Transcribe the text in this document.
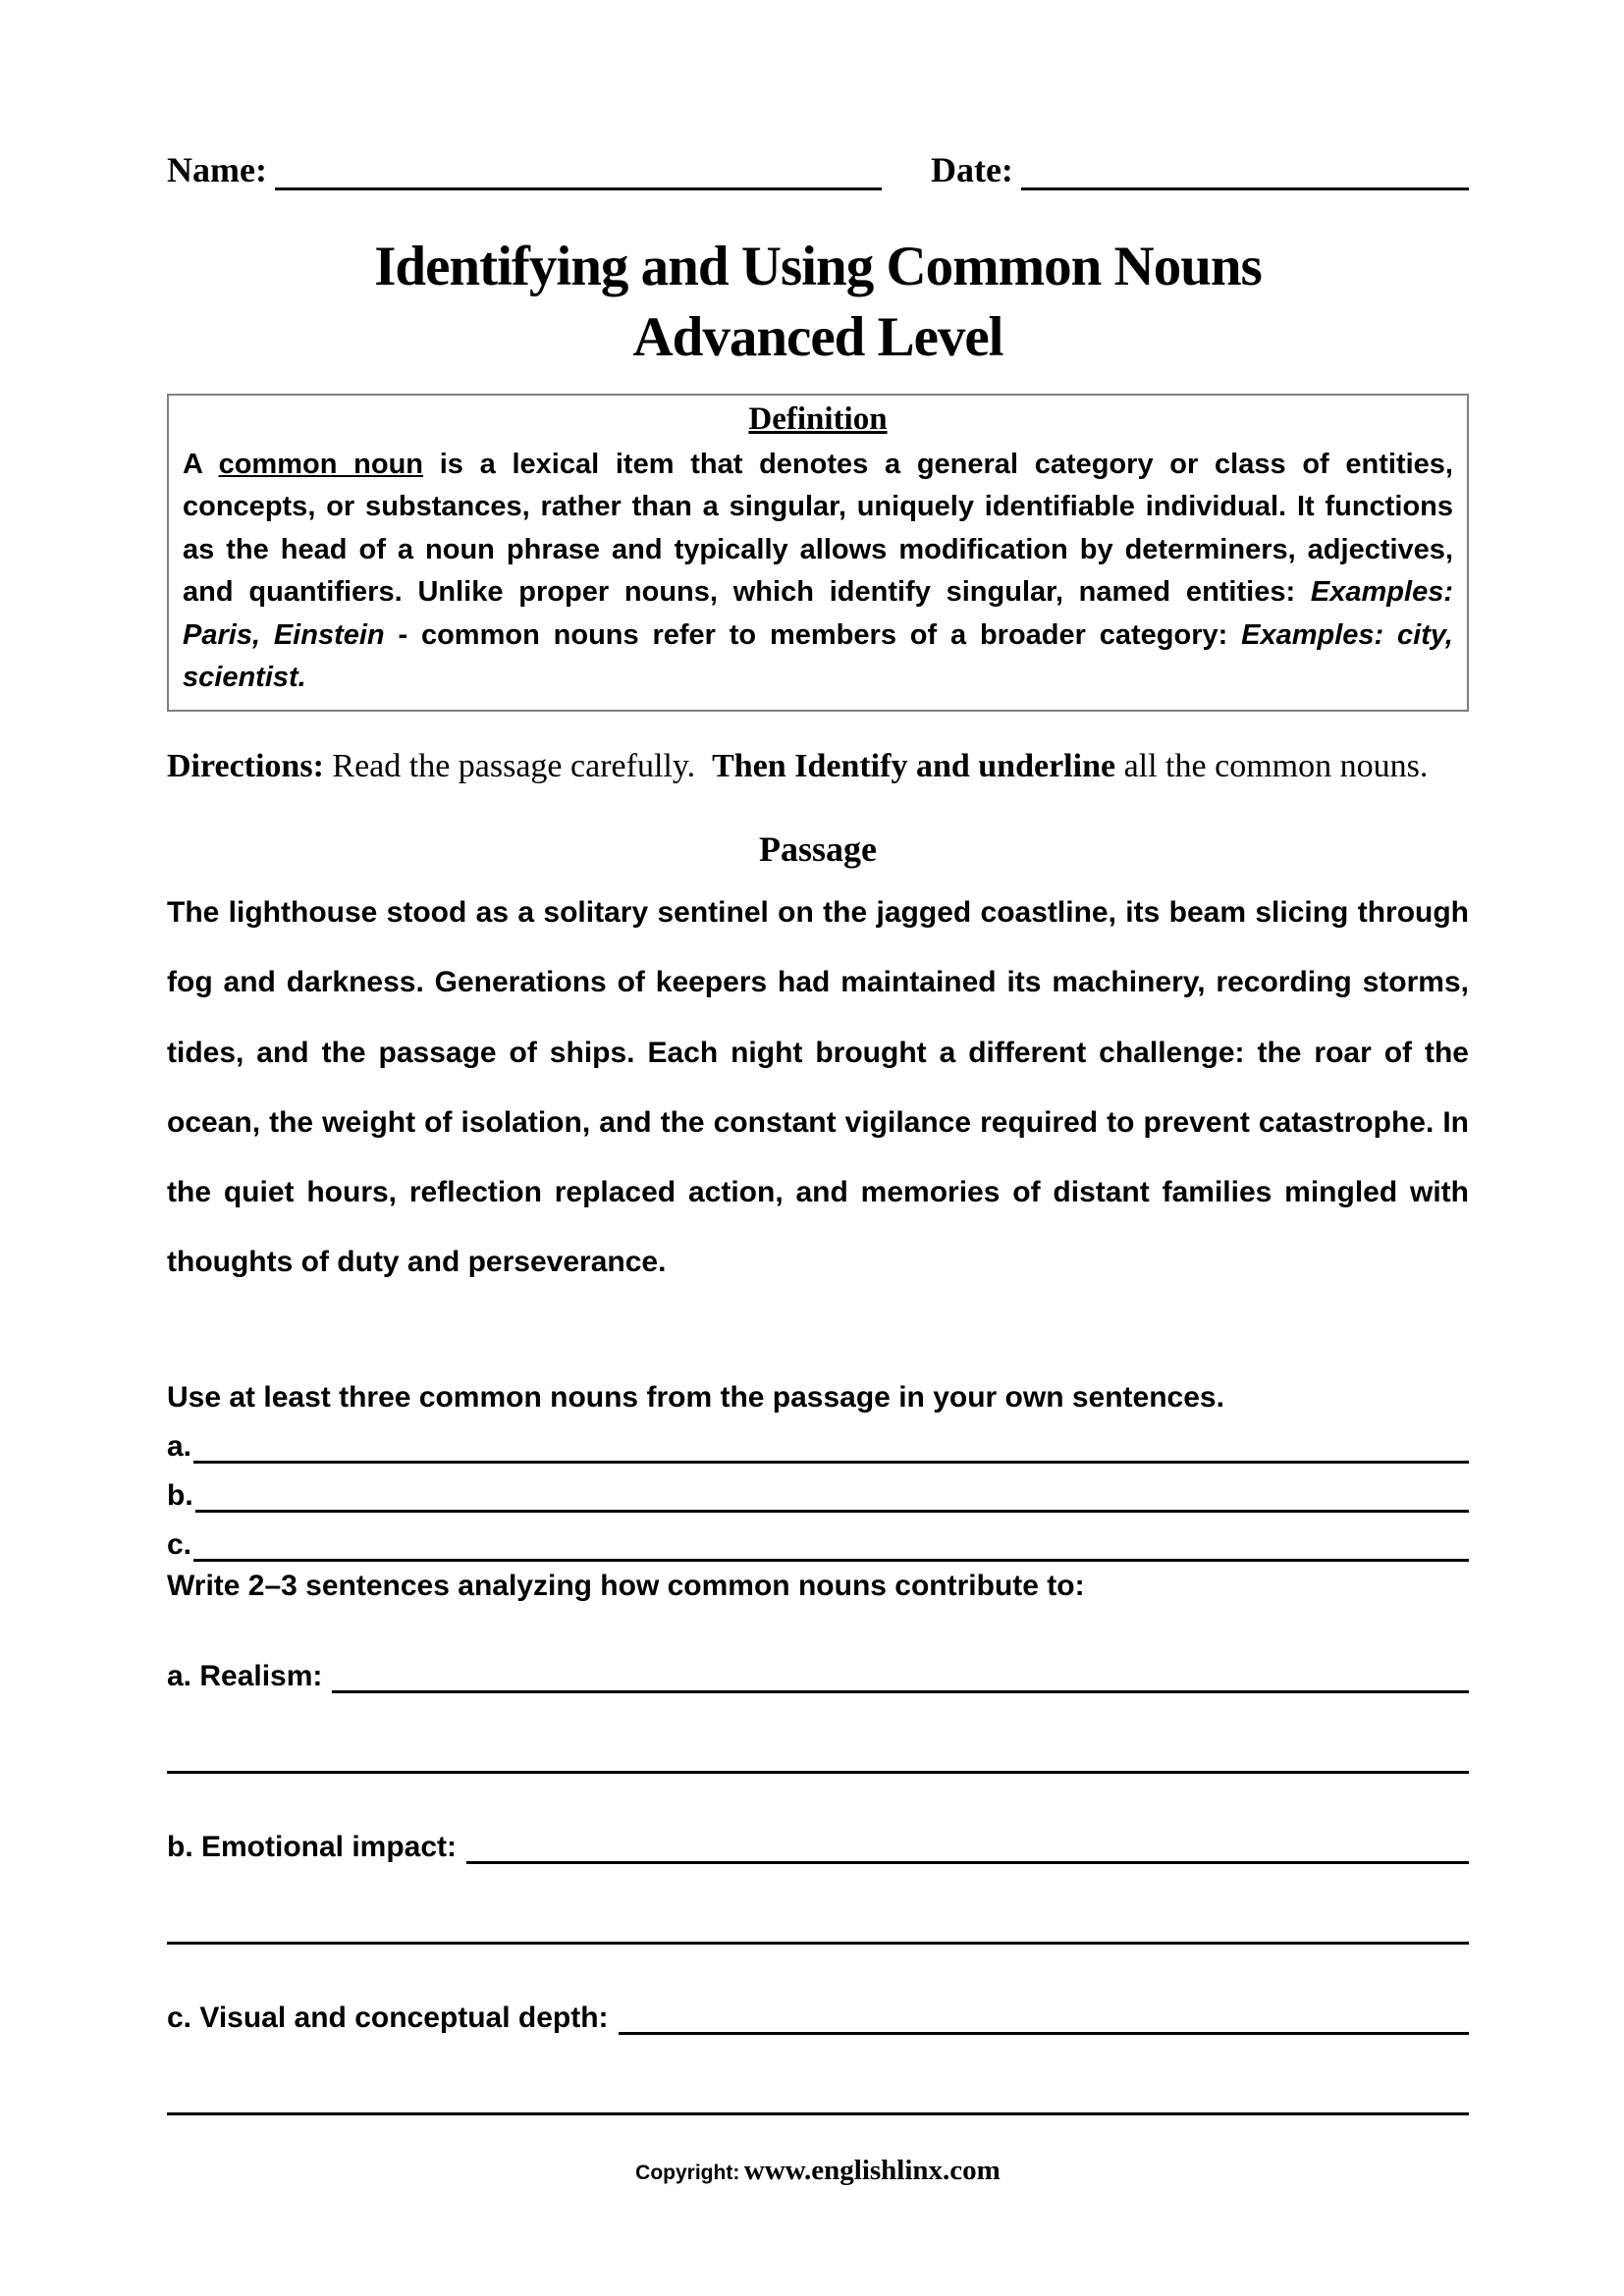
Name:	Date:
Identifying and Using Common Nouns
Advanced Level
Definition

A common noun is a lexical item that denotes a general category or class of entities, concepts, or substances, rather than a singular, uniquely identifiable individual. It functions as the head of a noun phrase and typically allows modification by determiners, adjectives, and quantifiers. Unlike proper nouns, which identify singular, named entities: Examples: Paris, Einstein - common nouns refer to members of a broader category: Examples: city, scientist.

Directions: Read the passage carefully.  Then Identify and underline all the common nouns.

Passage

The lighthouse stood as a solitary sentinel on the jagged coastline, its beam slicing through fog and darkness. Generations of keepers had maintained its machinery, recording storms, tides, and the passage of ships. Each night brought a different challenge: the roar of the ocean, the weight of isolation, and the constant vigilance required to prevent catastrophe. In the quiet hours, reflection replaced action, and memories of distant families mingled with thoughts of duty and perseverance.

Use at least three common nouns from the passage in your own sentences.

a.
b.
c.

Write 2–3 sentences analyzing how common nouns contribute to:

a. Realism:
b. Emotional impact:
c. Visual and conceptual depth:
Copyright: www.englishlinx.com
